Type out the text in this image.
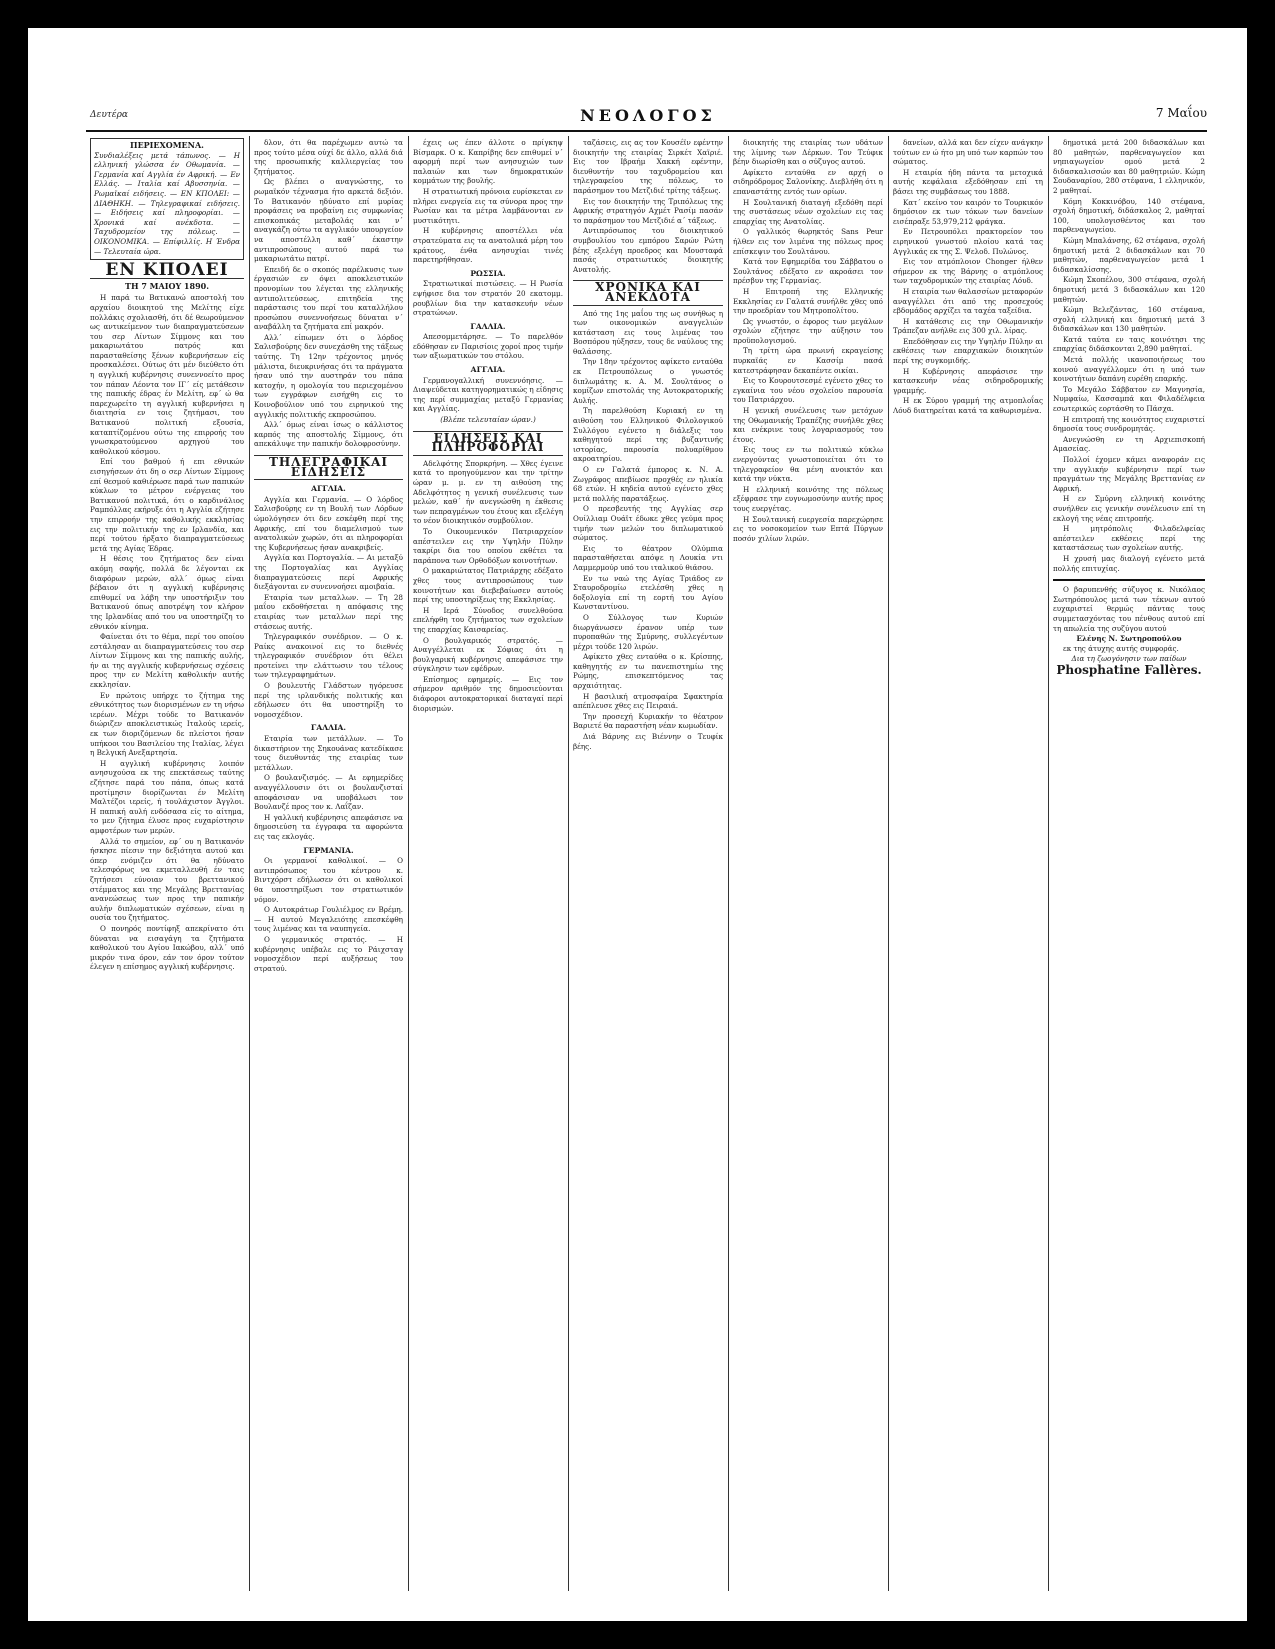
Δευτέρα	ΝΕΟΛΟΓΟΣ	7 Μαΐου
ΠΕΡΙΕΧΟΜΕΝΑ.

Συνδιαλέξεις μετά τάπωνος. — Η ελληνική γλώσσα έν Οθωμανία. — Γερμανία καί Αγγλία έν Αφρική. — Εν Ελλάς. — Ιταλία καί Αβυσσηνία. — Ρωμαϊκαί ειδήσεις. — ΕΝ ΚΠΟΛΕΙ: — ΔΙΑΘΗΚΗ. — Τηλεγραφικαί ειδήσεις. — Ειδήσεις καί πληροφορίαι. — Χρονικά καί ανέκδοτα. — Ταχυδρομείον της πόλεως. — ΟΙΚΟΝΟΜΙΚΑ. — Επίφιλλίς. Η Ένδρα — Τελευταία ώρα.

ΕΝ ΚΠΟΛΕΙ
ΤΗ 7 ΜΑΙΟΥ 1890.

Η παρά τω Βατικανώ αποστολή του αρχαίου διοικητού της Μελίτης είχε πολλάκις σχολιασθή, ότι δέ θεωρούμενον ως αντικείμενον των διαπραγματεύσεων του σερ Λίντων Σίμμονς και του μακαριωτάτου πατρός και παρασταθείσης ξένων κυβερνήσεων είς προσκαλέσει. Ούτως ότι μέν διεύθετο ότι η αγγλική κυβέρνησις συνεννοείτο προς τον πάπαν Λέοντα τον ΙΓ΄ είς μετάθεσιν της παπικής έδρας έν Μελίτη, εφ΄ ώ θα παρεχωρείτο τη αγγλική κυβερνήσει η διαιτησία εν τοις ζητήμασι, του Βατικανού πολιτική εξουσία, καταπτίζομένου ούτω της επιρροής του γνωσκρατούμενου αρχηγού του καθολικού κόσμου.

Επί του βαθμού ή επι εθνικών εισηγήσεων ότι δη ο σερ Λίντων Σίμμονς επί θεσμού καθιέρωσε παρά των παπικών κύκλων το μέτρον ενέργειας του Βατικανού πολιτικά, ότι ο καρδινάλιος Ραμπόλλας εκήρυξε ότι η Αγγλία εζήτησε την επιρροήν της καθολικής εκκλησίας εις την πολιτικήν της εν Ιρλανδία, και περί τούτου ήρξατο διαπραγματεύσεως μετά της Αγίας Έδρας.

Η θέσις του ζητήματος δεν είναι ακόμη σαφής, πολλά δε λέγονται εκ διαφόρων μερών, αλλ΄ όμως είναι βέβαιον ότι η αγγλική κυβέρνησις επιθυμεί να λάβη την υποστήριξιν του Βατικανού όπως αποτρέψη τον κλήρον της Ιρλανδίας από του να υποστηρίζη το εθνικόν κίνημα.

Φαίνεται ότι το θέμα, περί του οποίου εστάλησαν αι διαπραγματεύσεις του σερ Λίντων Σίμμονς και της παπικής αυλής, ήν αι της αγγλικής κυβερνήσεως σχέσεις προς την εν Μελίτη καθολικήν αυτής εκκλησίαν.

Εν πρώτοις υπήρχε το ζήτημα της εθνικότητος των διορισμένων εν τη νήσω ιερέων. Μέχρι τούδε το Βατικανόν διώριζεν αποκλειστικώς Ιταλούς ιερείς, εκ των διοριζόμενων δε πλείστοι ήσαν υπήκοοι του Βασιλείου της Ιταλίας, λέγει η Βελγική Ανεξαρτησία.

Η αγγλική κυβέρνησις λοιπόν ανησυχούσα εκ της επεκτάσεως ταύτης εζήτησε παρά του πάπα, όπως κατά προτίμησιν διορίζωνται έν Μελίτη Μαλτέζοι ιερείς, ή τουλάχιστον Άγγλοι. Η παπική αυλή ενδόσασα είς το αίτημα, το μεν ζήτημα έλυσε προς ευχαρίστησιν αμφοτέρων των μερών.

Αλλά το σημείον, εφ΄ ου η Βατικανόν ήσκησε πίεσιν την δεξιότητα αυτού και όπερ ενόμιζεν ότι θα ηδύνατο τελεσφόρως να εκμεταλλευθή έν ταις ζητήσεσι εύνοιαν του βρεττανικού στέμματος και της Μεγάλης Βρεττανίας ανανεώσεως των προς την παπικήν αυλήν διπλωματικών σχέσεων, είναι η ουσία του ζητήματος.

Ο πονηρός ποντίφηξ απεκρίνατο ότι δύναται να εισαγάγη τα ζητήματα καθολικού του Αγίου Ιακώβου, αλλ΄ υπό μικρόν τινα όρον, εάν τον όρον τούτον έλεγεν η επίσημος αγγλική κυβέρνησις.

δλον, ότι θα παρέχωμεν αυτώ τα προς τούτο μέσα ούχί δε άλλο, αλλά διά της προσωπικής καλλιεργείας του ζητήματος.

Ως βλέπει ο αναγνώστης, το ρωμαϊκόν τέχνασμα ήτο αρκετά δεξιόν. Το Βατικανόν ηδύνατο επί μυρίας προφάσεις να προβαίνη εις συμφωνίας επισκοπικάς μεταβολάς και ν΄ αναγκάζη ούτω τα αγγλικόν υπουργείον να αποστέλλη καθ΄ έκαστην αντιπροσώπους αυτού παρά τω μακαριωτάτω πατρί.

Επειδή δε ο σκοπός παρέλκυσις των έργασιών εν όψει αποκλειστικών προνομίων του λέγεται της ελληνικής αντιπολιτεύσεως, επιτηδεία της παράστασις του περί του καταλλήλου προσώπου συνεννοήσεως δύναται ν΄ αναβάλλη τα ζητήματα επί μακρόν.

Αλλ΄ είπωμεν ότι ο λόρδος Σαλισβούρης δεν συνεχάσθη της τάξεως ταύτης. Τη 12ην τρέχοντος μηνός μάλιστα, διευκρινήσας ότι τα πράγματα ήσαν υπό την αυστηράν του πάπα κατοχήν, η ομολογία του περιεχομένου των εγγράφων εισήχθη εις το Κοινοβούλιον υπό του ειρηνικού της αγγλικής πολιτικής εκπροσώπου.

Αλλ΄ όμως είναι ίσως ο κάλλιστος καρπός της αποστολής Σίμμονς, ότι απεκάλυψε την παπικήν δολοφροσύνην.

ΤΗΛΕΓΡΑΦΙΚΑΙ ΕΙΔΗΣΕΙΣ
ΑΓΓΛΙΑ.

Αγγλία και Γερμανία. — Ο λόρδος Σαλισβούρης εν τη Βουλή των Λόρδων ώμολόγησεν ότι δεν εσκέφθη περί της Αφρικής, επί του διαμελισμού των ανατολικών χωρών, ότι αι πληροφορίαι της Κυβερνήσεως ήσαν ανακριβείς.

Αγγλία και Πορτογαλία. — Αι μεταξύ της Πορτογαλίας και Αγγλίας διαπραγματεύσεις περί Αφρικής διεξάγονται εν συνεννοήσει αμοιβαία.

Εταιρία των μεταλλων. — Τη 28 μαΐου εκδοθήσεται η απόφασις της εταιρίας των μεταλλων περί της στάσεως αυτής.

Τηλεγραφικόν συνέδριον. — Ο κ. Ραίκς ανακοινοί εις το διεθνές τηλεγραφικόν συνέδριον ότι θέλει προτείνει την ελάττωσιν του τέλους των τηλεγραφημάτων.

Ο βουλευτής Γλάδστων ηγόρευσε περί της ιρλανδικής πολιτικής και εδήλωσεν ότι θα υποστηρίξη το νομοσχέδιον.

ΓΑΛΛΙΑ.

Εταιρία των μετάλλων. — Το δικαστήριον της Σηκουάνας κατεδίκασε τους διευθυντάς της εταιρίας των μετάλλων.

Ο βουλανζισμός. — Αι εφημερίδες αναγγέλλουσιν ότι οι βουλανζισταί αποφάσισαν να υποβάλωσι τον Βουλανζέ προς τον κ. Λαΐζαν.

Η γαλλική κυβέρνησις απεφάσισε να δημοσιεύση τα έγγραφα τα αφορώντα εις τας εκλογάς.

ΓΕΡΜΑΝΙΑ.

Οι γερμανοί καθολικοί. — Ο αντιπρόσωπος του κέντρου κ. Βιντχόρστ εδήλωσεν ότι οι καθολικοί θα υποστηρίξωσι τον στρατιωτικόν νόμον.

Ο Αυτοκράτωρ Γουλιέλμος εν Βρέμη. — Η αυτού Μεγαλειότης επεσκέφθη τους λιμένας και τα ναυπηγεία.

Ο γερμανικός στρατός. — Η κυβέρνησις υπέβαλε εις το Ράιχσταγ νομοσχέδιον περί αυξήσεως του στρατού.

έχεις ως έπεν άλλοτε ο πρίγκηψ Βίσμαρκ. Ο κ. Καπρίβης δεν επιθυμεί ν΄ αφορμή περί των ανησυχιών των παλαιών και των δημοκρατικών κομμάτων της βουλής.

Η στρατιωτική πρόνοια ευρίσκεται εν πλήρει ενεργεία εις τα σύνορα προς την Ρωσίαν και τα μέτρα λαμβάνονται εν μυστικότητι.

Η κυβέρνησις αποστέλλει νέα στρατεύματα εις τα ανατολικά μέρη του κράτους, ένθα ανησυχίαι τινές παρετηρήθησαν.

ΡΩΣΣΙΑ.

Στρατιωτικαί πιστώσεις. — Η Ρωσία εψήφισε δια τον στρατόν 20 εκατομμ. ρουβλίων δια την κατασκευήν νέων στρατώνων.

ΓΑΛΛΙΑ.

Απεσομμετάρησε. — Το παρελθόν εδόθησαν εν Παρισίοις χοροί προς τιμήν των αξιωματικών του στόλου.

ΑΓΓΛΙΑ.

Γερμανογαλλική συνεννόησις. — Διαψεύδεται κατηγορηματικώς η είδησις της περί συμμαχίας μεταξύ Γερμανίας και Αγγλίας.

(Βλέπε τελευταίαν ώραν.)
ΕΙΔΗΣΕΙΣ ΚΑΙ ΠΛΗΡΟΦΟΡΙΑΙ

Αδελφότης Σπορκρήνη. — Χθες έγεινε κατά το προηγούμενον και την τρίτην ώραν μ. μ. εν τη αιθούση της Αδελφότητος η γενική συνέλευσις των μελών, καθ΄ ήν ανεγνώσθη η έκθεσις των πεπραγμένων του έτους και εξελέγη το νέον διοικητικόν συμβούλιον.

Το Οικουμενικόν Πατριαρχείον απέστειλεν εις την Υψηλήν Πύλην τακρίρι δια του οποίου εκθέτει τα παράπονα των Ορθοδόξων κοινοτήτων.

Ο μακαριώτατος Πατριάρχης εδέξατο χθες τους αντιπροσώπους των κοινοτήτων και διεβεβαίωσεν αυτούς περί της υποστηρίξεως της Εκκλησίας.

Η Ιερά Σύνοδος συνελθούσα επελήφθη του ζητήματος των σχολείων της επαρχίας Καισαρείας.

Ο βουλγαρικός στρατός. — Αναγγέλλεται εκ Σόφιας ότι η βουλγαρική κυβέρνησις απεφάσισε την σύγκλησιν των εφέδρων.

Επίσημος εφημερίς. — Εις τον σήμερον αριθμόν της δημοσιεύονται διάφοροι αυτοκρατορικαί διαταγαί περί διορισμών.

ταζάσεις, εις ας τον Κουσέϊν εφέντην διοικητήν της εταιρίας Σιρκέτ Χαϊριέ. Εις τον Ιβραήμ Χακκή εφέντην, διευθυντήν του ταχυδρομείου και τηλεγραφείου της πόλεως, το παράσημον του Μετζιδιέ τρίτης τάξεως.

Εις τον διοικητήν της Τριπόλεως της Αφρικής στρατηγόν Αχμέτ Ρασίμ πασάν το παράσημον του Μετζιδιέ α΄ τάξεως.

Αντιπρόσωπος του διοικητικού συμβουλίου του εμπόρου Σαρών Ρώτη βέης εξελέγη προεδρος και Μουσταφά πασάς στρατιωτικός διοικητής Ανατολής.

ΧΡΟΝΙΚΑ ΚΑΙ ΑΝΕΚΔΟΤΑ

Από της 1ης μαΐου της ως συνήθως η των οικονομικών αναγγελιών κατάσταση εις τους λιμένας του Βοσπόρου ηύξησεν, τους δε ναύλους της θαλάσσης.

Την 18ην τρέχοντος αφίκετο ενταύθα εκ Πετρουπόλεως ο γνωστός διπλωμάτης κ. Α. Μ. Σουλτάνος ο κομίζων επιστολάς της Αυτοκρατορικής Αυλής.

Τη παρελθούση Κυριακή εν τη αιθούση του Ελληνικού Φιλολογικού Συλλόγου εγένετο η διάλεξις του καθηγητού περί της βυζαντινής ιστορίας, παρουσία πολυαρίθμου ακροατηρίου.

Ο εν Γαλατά έμπορος κ. Ν. Α. Ζωγράφος απεβίωσε προχθές εν ηλικία 68 ετών. Η κηδεία αυτού εγένετο χθες μετά πολλής παρατάξεως.

Ο πρεσβευτής της Αγγλίας σερ Ουίλλιαμ Ουάϊτ έδωκε χθες γεύμα προς τιμήν των μελών του διπλωματικού σώματος.

Εις το θέατρον Ολύμπια παρασταθήσεται απόψε η Λουκία ντι Λαμμερμούρ υπό του ιταλικού θιάσου.

Εν τω ναώ της Αγίας Τριάδος εν Σταυροδρομίω ετελέσθη χθες η δοξολογία επί τη εορτή του Αγίου Κωνσταντίνου.

Ο Σύλλογος των Κυριών διωργάνωσεν έρανον υπέρ των πυροπαθών της Σμύρνης, συλλεγέντων μέχρι τούδε 120 λιρών.

Αφίκετο χθες ενταύθα ο κ. Κρίσπης, καθηγητής εν τω πανεπιστημίω της Ρώμης, επισκεπτόμενος τας αρχαιότητας.

Η βασιλική ατμοσφαίρα Σφακτηρία απέπλευσε χθες εις Πειραιά.

Την προσεχή Κυριακήν το θέατρον Βαριετέ θα παραστήση νέαν κωμωδίαν.

Διά Βάρνης εις Βιέννην ο Τευφίκ βέης.

διοικητής της εταιρίας των υδάτων της λίμνης των Δέρκων. Τον Τεύφικ βέην διωρίσθη και ο σύζυγος αυτού.

Αφίκετο ενταύθα εν αρχή ο σιδηρόδρομος Σαλονίκης. Διεβλήθη ότι η επαναστάτης εντός των ορίων.

Η Σουλτανική διαταγή εξεδόθη περί της συστάσεως νέων σχολείων εις τας επαρχίας της Ανατολίας.

Ο γαλλικός θωρηκτός Sans Peur ήλθεν εις τον λιμένα της πόλεως προς επίσκεψιν του Σουλτάνου.

Κατά τον Εφημερίδα του Σάββατου ο Σουλτάνος εδέξατο εν ακροάσει τον πρέσβυν της Γερμανίας.

Η Επιτροπή της Ελληνικής Εκκλησίας εν Γαλατά συνήλθε χθες υπό την προεδρίαν του Μητροπολίτου.

Ως γνωστόν, ο έφορος των μεγάλων σχολών εζήτησε την αύξησιν του προϋπολογισμού.

Τη τρίτη ώρα πρωινή εκραγείσης πυρκαϊάς εν Κασσίμ πασά κατεστράφησαν δεκαπέντε οικίαι.

Εις το Κουρουτσεσμέ εγένετο χθες το εγκαίνια του νέου σχολείου παρουσία του Πατριάρχου.

Η γενική συνέλευσις των μετόχων της Οθωμανικής Τραπέζης συνήλθε χθες και ενέκρινε τους λογαριασμούς του έτους.

Εις τους εν τω πολιτικώ κύκλω ενεργούντας γνωστοποιείται ότι το τηλεγραφείον θα μένη ανοικτόν και κατά την νύκτα.

Η ελληνική κοινότης της πόλεως εξέφρασε την ευγνωμοσύνην αυτής προς τους ευεργέτας.

Η Σουλτανική ευεργεσία παρεχώρησε εις το νοσοκομείον των Επτά Πύργων ποσόν χιλίων λιρών.

δανείων, αλλά και δεν είχεν ανάγκην τούτων εν ώ ήτο μη υπό των καρπών του σώματος.

Η εταιρία ήδη πάντα τα μετοχικά αυτής κεφάλαια εξεδόθησαν επί τη βάσει της συμβάσεως του 1888.

Κατ΄ εκείνο τον καιρόν το Τουρκικόν δημόσιον εκ των τόκων των δανείων εισέπραξε 53,979,212 φράγκα.

Εν Πετρουπόλει πρακτορείον του ειρηνικού γνωστού πλοίου κατά τας Αγγλικάς εκ της Σ. Ψελοδ. Πυλώνος.

Εις τον ατμόπλοιον Chonger ήλθεν σήμερον εκ της Βάρνης ο ατμόπλους των ταχυδρομικών της εταιρίας Λόυδ.

Η εταιρία των θαλασσίων μεταφορών αναγγέλλει ότι από της προσεχούς εβδομάδος αρχίζει τα ταχέα ταξείδια.

Η κατάθεσις εις την Οθωμανικήν Τράπεζαν ανήλθε εις 300 χιλ. λίρας.

Επεδόθησαν εις την Υψηλήν Πύλην αι εκθέσεις των επαρχιακών διοικητών περί της συγκομιδής.

Η Κυβέρνησις απεφάσισε την κατασκευήν νέας σιδηροδρομικής γραμμής.

Η εκ Σύρου γραμμή της ατμοπλοΐας Λόυδ διατηρείται κατά τα καθωρισμένα.

δημοτικά μετά 200 διδασκάλων και 80 μαθητών, παρθεναγωγείον και νηπιαγωγείον ομού μετά 2 διδασκαλισσών και 80 μαθητριών. Κώμη Σουδαναρίου, 280 στέφανα, 1 ελληνικόν, 2 μαθηταί.

Κόμη Κοκκινόβου, 140 στέφανα, σχολή δημοτική, διδάσκαλος 2, μαθηταί 100, υπολογισθέντος και του παρθεναγωγείου.

Κώμη Μπαλάνσης, 62 στέφανα, σχολή δημοτική μετά 2 διδασκάλων και 70 μαθητών, παρθεναγωγείον μετά 1 διδασκαλίσσης.

Κώμη Σκοπέλου, 300 στέφανα, σχολή δημοτική μετά 3 διδασκάλων και 120 μαθητών.

Κώμη Βελεζάντας, 160 στέφανα, σχολή ελληνική και δημοτική μετά 3 διδασκάλων και 130 μαθητών.

Κατά ταύτα εν ταις κοινότησι της επαρχίας διδάσκονται 2,890 μαθηταί.

Μετά πολλής ικανοποιήσεως του κοινού αναγγέλλομεν ότι η υπό των κοινοτήτων δαπάνη ευρέθη επαρκής.

Το Μεγάλο Σάββατον εν Μαγνησία, Νυμφαίω, Κασσαμπά και Φιλαδέλφεια εσωτερικώς εορτάσθη το Πάσχα.

Η επιτροπή της κοινότητος ευχαριστεί δημοσία τους συνδρομητάς.

Ανεγνώσθη εν τη Αρχιεπισκοπή Αμασείας.

Πολλοί έχομεν κάμει αναφοράν εις την αγγλικήν κυβέρνησιν περί των πραγμάτων της Μεγάλης Βρεττανίας εν Αφρική.

Η εν Σμύρνη ελληνική κοινότης συνήλθεν εις γενικήν συνέλευσιν επί τη εκλογή της νέας επιτροπής.

Η μητρόπολις Φιλαδελφείας απέστειλεν εκθέσεις περί της καταστάσεως των σχολείων αυτής.

Η χρυσή μας διαλογή εγένετο μετά πολλής επιτυχίας.

Ο βαρυπενθής σύζυγος κ. Νικόλαος Σωτηρόπουλος μετά των τέκνων αυτού ευχαριστεί θερμώς πάντας τους συμμετασχόντας του πένθους αυτού επί τη απωλεία της συζύγου αυτού

Ελένης Ν. Σωτηροπούλου

εκ της άτυχης αυτής συμφοράς.

Δια τη ζωογόνησιν των παίδων
Phosphatine Fallères.
